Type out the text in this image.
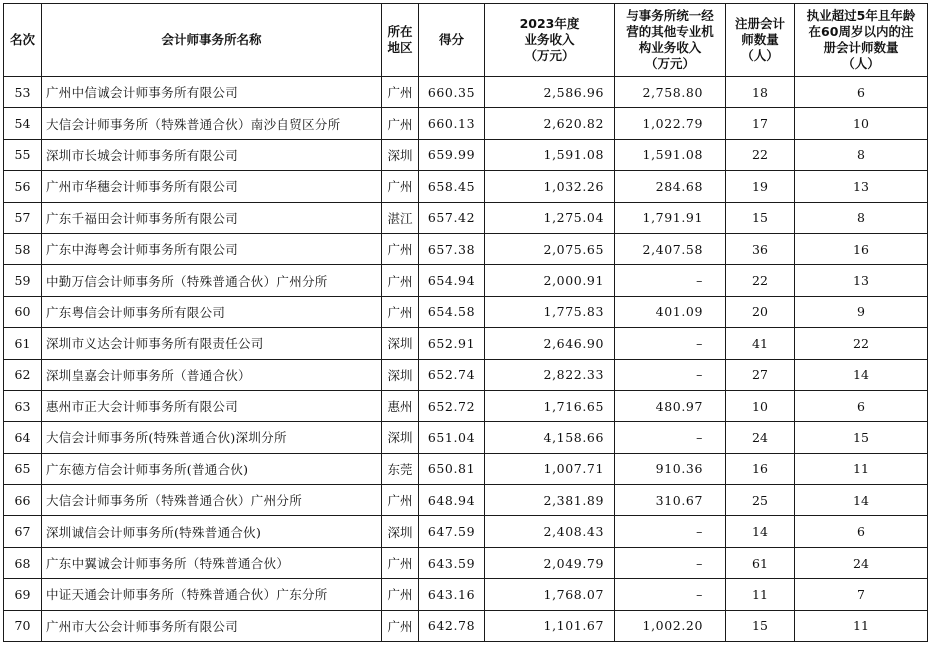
名次	会计师事务所名称	所在
地区	得分	2023年度
业务收入
（万元）	与事务所统一经
营的其他专业机
构业务收入
（万元）	注册会计
师数量
（人）	执业超过5年且年龄
在60周岁以内的注
册会计师数量
（人）

53	广州中信诚会计师事务所有限公司	广州	660.35	2,586.96	2,758.80	18	6
54	大信会计师事务所（特殊普通合伙）南沙自贸区分所	广州	660.13	2,620.82	1,022.79	17	10
55	深圳市长城会计师事务所有限公司	深圳	659.99	1,591.08	1,591.08	22	8
56	广州市华穗会计师事务所有限公司	广州	658.45	1,032.26	284.68	19	13
57	广东千福田会计师事务所有限公司	湛江	657.42	1,275.04	1,791.91	15	8
58	广东中海粤会计师事务所有限公司	广州	657.38	2,075.65	2,407.58	36	16
59	中勤万信会计师事务所（特殊普通合伙）广州分所	广州	654.94	2,000.91	–	22	13
60	广东粤信会计师事务所有限公司	广州	654.58	1,775.83	401.09	20	9
61	深圳市义达会计师事务所有限责任公司	深圳	652.91	2,646.90	–	41	22
62	深圳皇嘉会计师事务所（普通合伙）	深圳	652.74	2,822.33	–	27	14
63	惠州市正大会计师事务所有限公司	惠州	652.72	1,716.65	480.97	10	6
64	大信会计师事务所(特殊普通合伙)深圳分所	深圳	651.04	4,158.66	–	24	15
65	广东德方信会计师事务所(普通合伙)	东莞	650.81	1,007.71	910.36	16	11
66	大信会计师事务所（特殊普通合伙）广州分所	广州	648.94	2,381.89	310.67	25	14
67	深圳诚信会计师事务所(特殊普通合伙)	深圳	647.59	2,408.43	–	14	6
68	广东中翼诚会计师事务所（特殊普通合伙）	广州	643.59	2,049.79	–	61	24
69	中证天通会计师事务所（特殊普通合伙）广东分所	广州	643.16	1,768.07	–	11	7
70	广州市大公会计师事务所有限公司	广州	642.78	1,101.67	1,002.20	15	11
